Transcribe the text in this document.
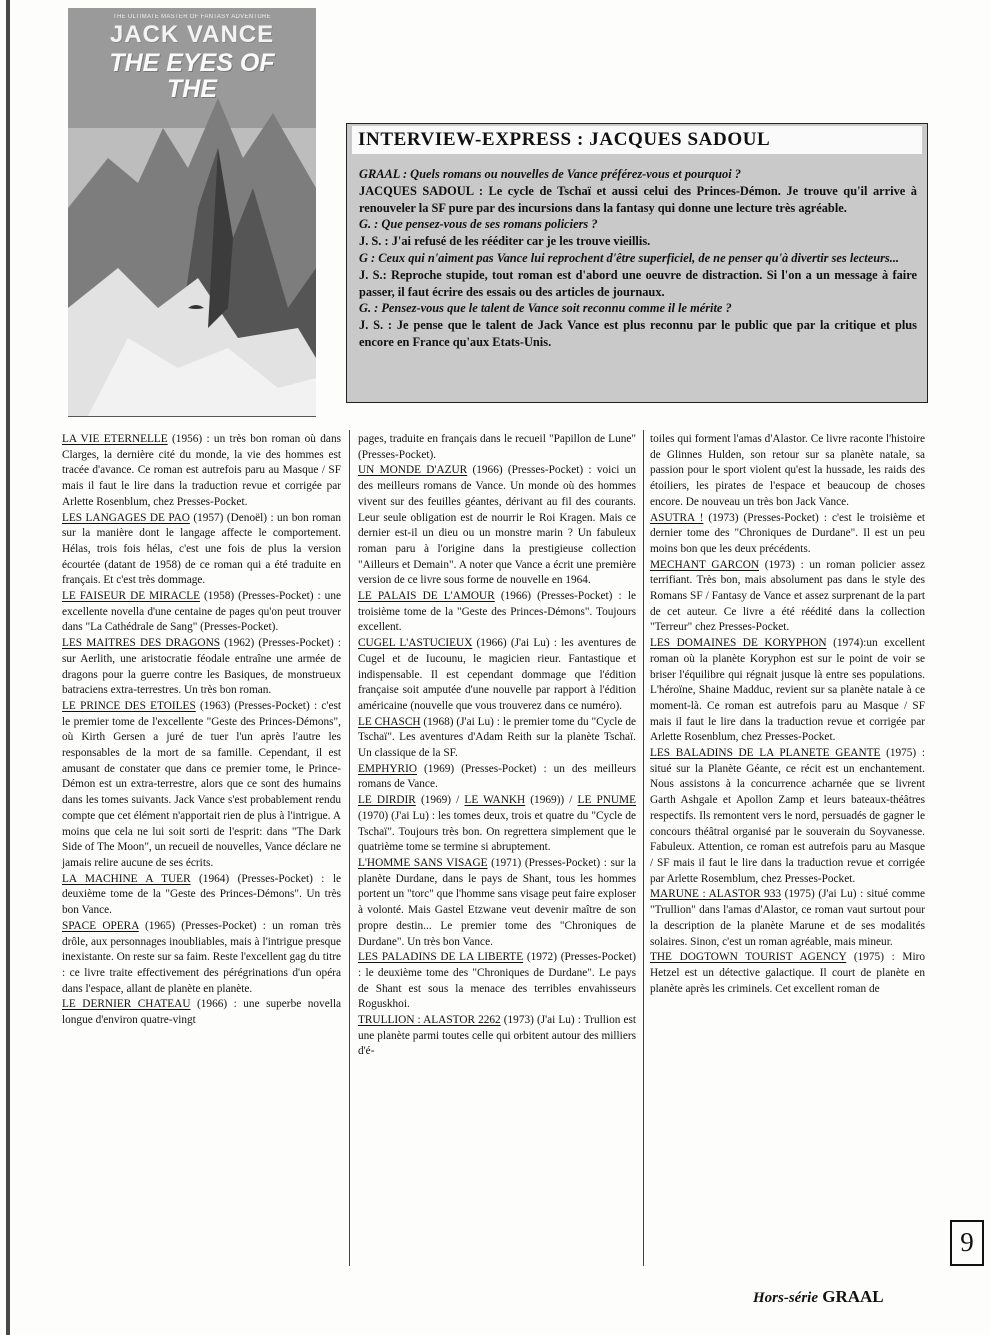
THE ULTIMATE MASTER OF FANTASY ADVENTURE
JACK VANCE
THE EYES OF THE
INTERVIEW-EXPRESS : JACQUES SADOUL

GRAAL : Quels romans ou nouvelles de Vance préférez-vous et pourquoi ?

JACQUES SADOUL : Le cycle de Tschaï et aussi celui des Princes-Démon. Je trouve qu'il arrive à renouveler la SF pure par des incursions dans la fantasy qui donne une lecture très agréable.

G. : Que pensez-vous de ses romans policiers ?

J. S. : J'ai refusé de les rééditer car je les trouve vieillis.

G : Ceux qui n'aiment pas Vance lui reprochent d'être superficiel, de ne penser qu'à divertir ses lecteurs...

J. S.: Reproche stupide, tout roman est d'abord une oeuvre de distraction. Si l'on a un message à faire passer, il faut écrire des essais ou des articles de journaux.

G. : Pensez-vous que le talent de Vance soit reconnu comme il le mérite ?

J. S. : Je pense que le talent de Jack Vance est plus reconnu par le public que par la critique et plus encore en France qu'aux Etats-Unis.

LA VIE ETERNELLE (1956) : un très bon roman où dans Clarges, la dernière cité du monde, la vie des hommes est tracée d'avance. Ce roman est autrefois paru au Masque / SF mais il faut le lire dans la traduction revue et corrigée par Arlette Rosenblum, chez Presses-Pocket.

LES LANGAGES DE PAO (1957) (Denoël) : un bon roman sur la manière dont le langage affecte le comportement. Hélas, trois fois hélas, c'est une fois de plus la version écourtée (datant de 1958) de ce roman qui a été traduite en français. Et c'est très dommage.

LE FAISEUR DE MIRACLE (1958) (Presses-Pocket) : une excellente novella d'une centaine de pages qu'on peut trouver dans "La Cathédrale de Sang" (Presses-Pocket).

LES MAITRES DES DRAGONS (1962) (Presses-Pocket) : sur Aerlith, une aristocratie féodale entraîne une armée de dragons pour la guerre contre les Basiques, de monstrueux batraciens extra-terrestres. Un très bon roman.

LE PRINCE DES ETOILES (1963) (Presses-Pocket) : c'est le premier tome de l'excellente "Geste des Princes-Démons", où Kirth Gersen a juré de tuer l'un après l'autre les responsables de la mort de sa famille. Cependant, il est amusant de constater que dans ce premier tome, le Prince-Démon est un extra-terrestre, alors que ce sont des humains dans les tomes suivants. Jack Vance s'est probablement rendu compte que cet élément n'apportait rien de plus à l'intrigue. A moins que cela ne lui soit sorti de l'esprit: dans "The Dark Side of The Moon", un recueil de nouvelles, Vance déclare ne jamais relire aucune de ses écrits.

LA MACHINE A TUER (1964) (Presses-Pocket) : le deuxième tome de la "Geste des Princes-Démons". Un très bon Vance.

SPACE OPERA (1965) (Presses-Pocket) : un roman très drôle, aux personnages inoubliables, mais à l'intrigue presque inexistante. On reste sur sa faim. Reste l'excellent gag du titre : ce livre traite effectivement des pérégrinations d'un opéra dans l'espace, allant de planète en planète.

LE DERNIER CHATEAU (1966) : une superbe novella longue d'environ quatre-vingt

pages, traduite en français dans le recueil "Papillon de Lune" (Presses-Pocket).

UN MONDE D'AZUR (1966) (Presses-Pocket) : voici un des meilleurs romans de Vance. Un monde où des hommes vivent sur des feuilles géantes, dérivant au fil des courants. Leur seule obligation est de nourrir le Roi Kragen. Mais ce dernier est-il un dieu ou un monstre marin ? Un fabuleux roman paru à l'origine dans la prestigieuse collection "Ailleurs et Demain". A noter que Vance a écrit une première version de ce livre sous forme de nouvelle en 1964.

LE PALAIS DE L'AMOUR (1966) (Presses-Pocket) : le troisième tome de la "Geste des Princes-Démons". Toujours excellent.

CUGEL L'ASTUCIEUX (1966) (J'ai Lu) : les aventures de Cugel et de Iucounu, le magicien rieur. Fantastique et indispensable. Il est cependant dommage que l'édition française soit amputée d'une nouvelle par rapport à l'édition américaine (nouvelle que vous trouverez dans ce numéro).

LE CHASCH (1968) (J'ai Lu) : le premier tome du "Cycle de Tschaï". Les aventures d'Adam Reith sur la planète Tschaï. Un classique de la SF.

EMPHYRIO (1969) (Presses-Pocket) : un des meilleurs romans de Vance.

LE DIRDIR (1969) / LE WANKH (1969)) / LE PNUME (1970) (J'ai Lu) : les tomes deux, trois et quatre du "Cycle de Tschaï". Toujours très bon. On regrettera simplement que le quatrième tome se termine si abruptement.

L'HOMME SANS VISAGE (1971) (Presses-Pocket) : sur la planète Durdane, dans le pays de Shant, tous les hommes portent un "torc" que l'homme sans visage peut faire exploser à volonté. Mais Gastel Etzwane veut devenir maître de son propre destin... Le premier tome des "Chroniques de Durdane". Un très bon Vance.

LES PALADINS DE LA LIBERTE (1972) (Presses-Pocket) : le deuxième tome des "Chroniques de Durdane". Le pays de Shant est sous la menace des terribles envahisseurs Roguskhoi.

TRULLION : ALASTOR 2262 (1973) (J'ai Lu) : Trullion est une planète parmi toutes celle qui orbitent autour des milliers d'é-

toiles qui forment l'amas d'Alastor. Ce livre raconte l'histoire de Glinnes Hulden, son retour sur sa planète natale, sa passion pour le sport violent qu'est la hussade, les raids des étoiliers, les pirates de l'espace et beaucoup de choses encore. De nouveau un très bon Jack Vance.

ASUTRA ! (1973) (Presses-Pocket) : c'est le troisième et dernier tome des "Chroniques de Durdane". Il est un peu moins bon que les deux précédents.

MECHANT GARCON (1973) : un roman policier assez terrifiant. Très bon, mais absolument pas dans le style des Romans SF / Fantasy de Vance et assez surprenant de la part de cet auteur. Ce livre a été réédité dans la collection "Terreur" chez Presses-Pocket.

LES DOMAINES DE KORYPHON (1974):un excellent roman où la planète Koryphon est sur le point de voir se briser l'équilibre qui régnait jusque là entre ses populations. L'héroïne, Shaine Madduc, revient sur sa planète natale à ce moment-là. Ce roman est autrefois paru au Masque / SF mais il faut le lire dans la traduction revue et corrigée par Arlette Rosenblum, chez Presses-Pocket.

LES BALADINS DE LA PLANETE GEANTE (1975) : situé sur la Planète Géante, ce récit est un enchantement. Nous assistons à la concurrence acharnée que se livrent Garth Ashgale et Apollon Zamp et leurs bateaux-théâtres respectifs. Ils remontent vers le nord, persuadés de gagner le concours théâtral organisé par le souverain du Soyvanesse. Fabuleux. Attention, ce roman est autrefois paru au Masque / SF mais il faut le lire dans la traduction revue et corrigée par Arlette Rosemblum, chez Presses-Pocket.

MARUNE : ALASTOR 933 (1975) (J'ai Lu) : situé comme "Trullion" dans l'amas d'Alastor, ce roman vaut surtout pour la description de la planète Marune et de ses modalités solaires. Sinon, c'est un roman agréable, mais mineur.

THE DOGTOWN TOURIST AGENCY (1975) : Miro Hetzel est un détective galactique. Il court de planète en planète après les criminels. Cet excellent roman de

9
Hors-série GRAAL
